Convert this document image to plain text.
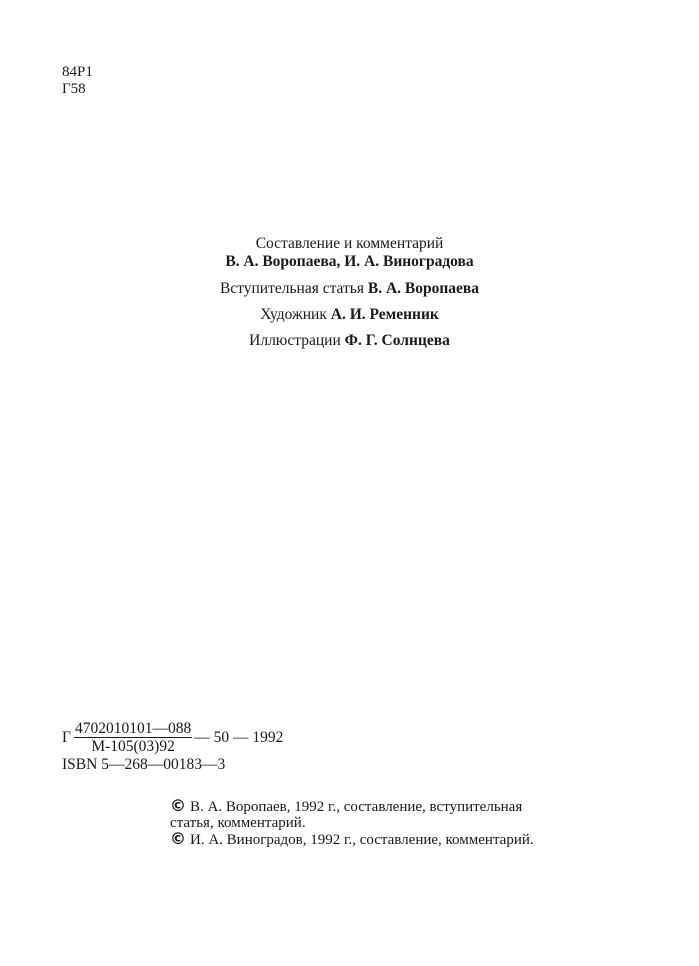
84Р1
Г58
Составление и комментарий
В. А. Воропаева, И. А. Виноградова
Вступительная статья В. А. Воропаева
Художник А. И. Ременник
Иллюстрации Ф. Г. Солнцева
Г $\frac{4702010101—088}{М-105(03)92}$ — 50 — 1992
ISBN 5—268—00183—3
© В. А. Воропаев, 1992 г., составление, вступительная
статья, комментарий.
© И. А. Виноградов, 1992 г., составление, комментарий.
